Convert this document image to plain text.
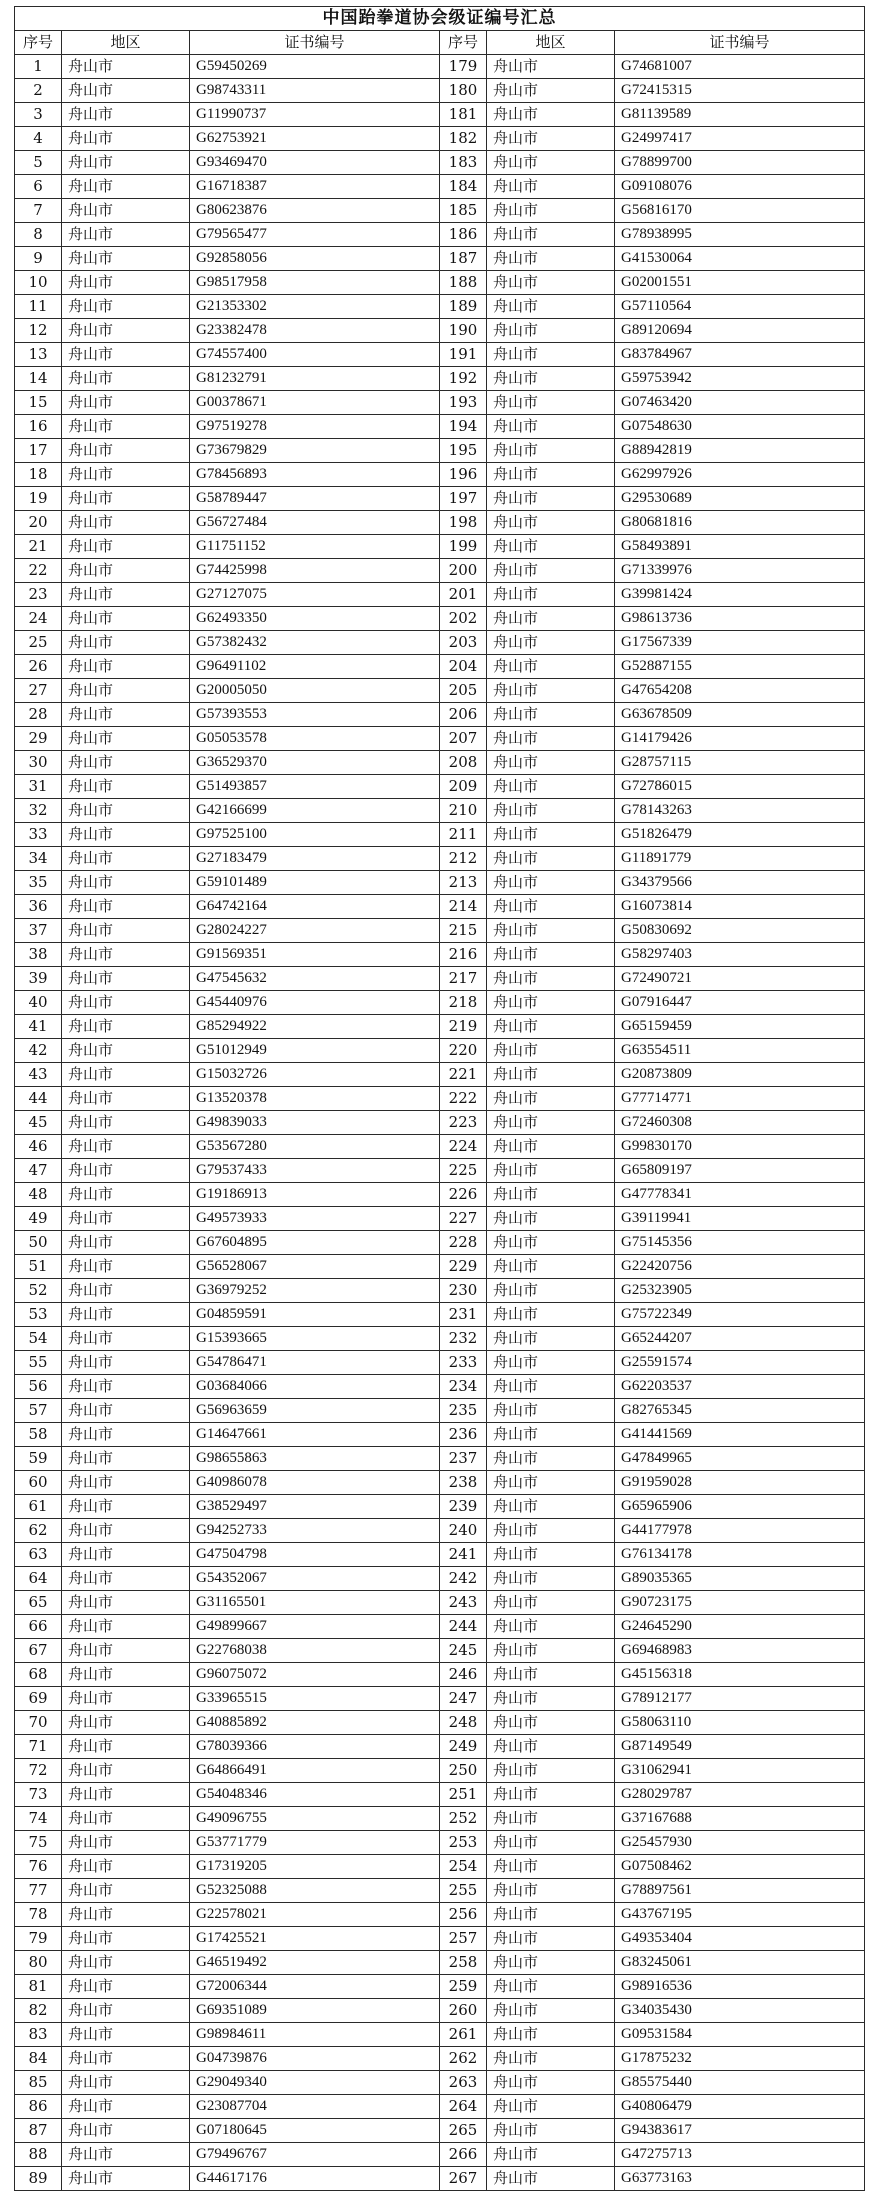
中国跆拳道协会级证编号汇总					
序号	地区	证书编号	序号	地区	证书编号
1	舟山市	G59450269	179	舟山市	G74681007
2	舟山市	G98743311	180	舟山市	G72415315
3	舟山市	G11990737	181	舟山市	G81139589
4	舟山市	G62753921	182	舟山市	G24997417
5	舟山市	G93469470	183	舟山市	G78899700
6	舟山市	G16718387	184	舟山市	G09108076
7	舟山市	G80623876	185	舟山市	G56816170
8	舟山市	G79565477	186	舟山市	G78938995
9	舟山市	G92858056	187	舟山市	G41530064
10	舟山市	G98517958	188	舟山市	G02001551
11	舟山市	G21353302	189	舟山市	G57110564
12	舟山市	G23382478	190	舟山市	G89120694
13	舟山市	G74557400	191	舟山市	G83784967
14	舟山市	G81232791	192	舟山市	G59753942
15	舟山市	G00378671	193	舟山市	G07463420
16	舟山市	G97519278	194	舟山市	G07548630
17	舟山市	G73679829	195	舟山市	G88942819
18	舟山市	G78456893	196	舟山市	G62997926
19	舟山市	G58789447	197	舟山市	G29530689
20	舟山市	G56727484	198	舟山市	G80681816
21	舟山市	G11751152	199	舟山市	G58493891
22	舟山市	G74425998	200	舟山市	G71339976
23	舟山市	G27127075	201	舟山市	G39981424
24	舟山市	G62493350	202	舟山市	G98613736
25	舟山市	G57382432	203	舟山市	G17567339
26	舟山市	G96491102	204	舟山市	G52887155
27	舟山市	G20005050	205	舟山市	G47654208
28	舟山市	G57393553	206	舟山市	G63678509
29	舟山市	G05053578	207	舟山市	G14179426
30	舟山市	G36529370	208	舟山市	G28757115
31	舟山市	G51493857	209	舟山市	G72786015
32	舟山市	G42166699	210	舟山市	G78143263
33	舟山市	G97525100	211	舟山市	G51826479
34	舟山市	G27183479	212	舟山市	G11891779
35	舟山市	G59101489	213	舟山市	G34379566
36	舟山市	G64742164	214	舟山市	G16073814
37	舟山市	G28024227	215	舟山市	G50830692
38	舟山市	G91569351	216	舟山市	G58297403
39	舟山市	G47545632	217	舟山市	G72490721
40	舟山市	G45440976	218	舟山市	G07916447
41	舟山市	G85294922	219	舟山市	G65159459
42	舟山市	G51012949	220	舟山市	G63554511
43	舟山市	G15032726	221	舟山市	G20873809
44	舟山市	G13520378	222	舟山市	G77714771
45	舟山市	G49839033	223	舟山市	G72460308
46	舟山市	G53567280	224	舟山市	G99830170
47	舟山市	G79537433	225	舟山市	G65809197
48	舟山市	G19186913	226	舟山市	G47778341
49	舟山市	G49573933	227	舟山市	G39119941
50	舟山市	G67604895	228	舟山市	G75145356
51	舟山市	G56528067	229	舟山市	G22420756
52	舟山市	G36979252	230	舟山市	G25323905
53	舟山市	G04859591	231	舟山市	G75722349
54	舟山市	G15393665	232	舟山市	G65244207
55	舟山市	G54786471	233	舟山市	G25591574
56	舟山市	G03684066	234	舟山市	G62203537
57	舟山市	G56963659	235	舟山市	G82765345
58	舟山市	G14647661	236	舟山市	G41441569
59	舟山市	G98655863	237	舟山市	G47849965
60	舟山市	G40986078	238	舟山市	G91959028
61	舟山市	G38529497	239	舟山市	G65965906
62	舟山市	G94252733	240	舟山市	G44177978
63	舟山市	G47504798	241	舟山市	G76134178
64	舟山市	G54352067	242	舟山市	G89035365
65	舟山市	G31165501	243	舟山市	G90723175
66	舟山市	G49899667	244	舟山市	G24645290
67	舟山市	G22768038	245	舟山市	G69468983
68	舟山市	G96075072	246	舟山市	G45156318
69	舟山市	G33965515	247	舟山市	G78912177
70	舟山市	G40885892	248	舟山市	G58063110
71	舟山市	G78039366	249	舟山市	G87149549
72	舟山市	G64866491	250	舟山市	G31062941
73	舟山市	G54048346	251	舟山市	G28029787
74	舟山市	G49096755	252	舟山市	G37167688
75	舟山市	G53771779	253	舟山市	G25457930
76	舟山市	G17319205	254	舟山市	G07508462
77	舟山市	G52325088	255	舟山市	G78897561
78	舟山市	G22578021	256	舟山市	G43767195
79	舟山市	G17425521	257	舟山市	G49353404
80	舟山市	G46519492	258	舟山市	G83245061
81	舟山市	G72006344	259	舟山市	G98916536
82	舟山市	G69351089	260	舟山市	G34035430
83	舟山市	G98984611	261	舟山市	G09531584
84	舟山市	G04739876	262	舟山市	G17875232
85	舟山市	G29049340	263	舟山市	G85575440
86	舟山市	G23087704	264	舟山市	G40806479
87	舟山市	G07180645	265	舟山市	G94383617
88	舟山市	G79496767	266	舟山市	G47275713
89	舟山市	G44617176	267	舟山市	G63773163
